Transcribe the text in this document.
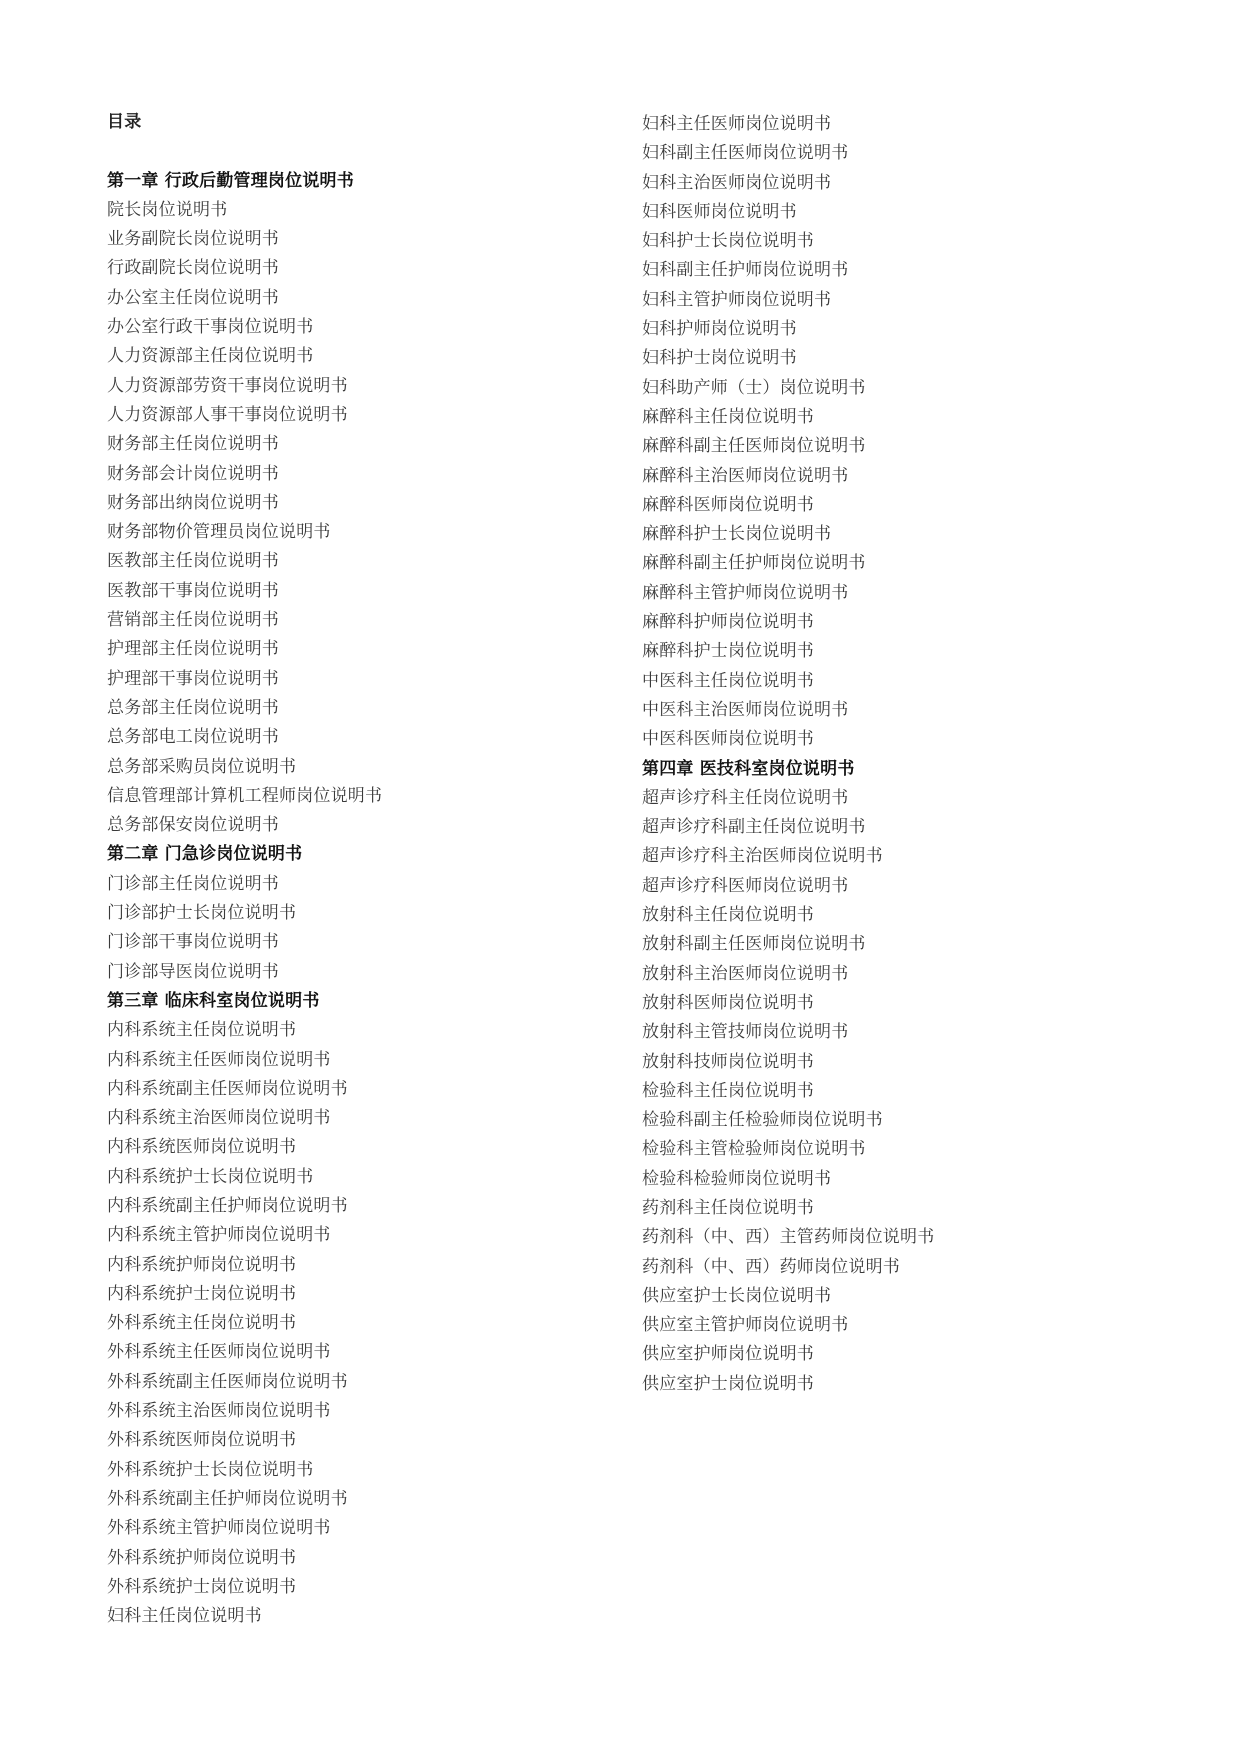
目录
第一章 行政后勤管理岗位说明书
院长岗位说明书
业务副院长岗位说明书
行政副院长岗位说明书
办公室主任岗位说明书
办公室行政干事岗位说明书
人力资源部主任岗位说明书
人力资源部劳资干事岗位说明书
人力资源部人事干事岗位说明书
财务部主任岗位说明书
财务部会计岗位说明书
财务部出纳岗位说明书
财务部物价管理员岗位说明书
医教部主任岗位说明书
医教部干事岗位说明书
营销部主任岗位说明书
护理部主任岗位说明书
护理部干事岗位说明书
总务部主任岗位说明书
总务部电工岗位说明书
总务部采购员岗位说明书
信息管理部计算机工程师岗位说明书
总务部保安岗位说明书
第二章 门急诊岗位说明书
门诊部主任岗位说明书
门诊部护士长岗位说明书
门诊部干事岗位说明书
门诊部导医岗位说明书
第三章 临床科室岗位说明书
内科系统主任岗位说明书
内科系统主任医师岗位说明书
内科系统副主任医师岗位说明书
内科系统主治医师岗位说明书
内科系统医师岗位说明书
内科系统护士长岗位说明书
内科系统副主任护师岗位说明书
内科系统主管护师岗位说明书
内科系统护师岗位说明书
内科系统护士岗位说明书
外科系统主任岗位说明书
外科系统主任医师岗位说明书
外科系统副主任医师岗位说明书
外科系统主治医师岗位说明书
外科系统医师岗位说明书
外科系统护士长岗位说明书
外科系统副主任护师岗位说明书
外科系统主管护师岗位说明书
外科系统护师岗位说明书
外科系统护士岗位说明书
妇科主任岗位说明书
妇科主任医师岗位说明书
妇科副主任医师岗位说明书
妇科主治医师岗位说明书
妇科医师岗位说明书
妇科护士长岗位说明书
妇科副主任护师岗位说明书
妇科主管护师岗位说明书
妇科护师岗位说明书
妇科护士岗位说明书
妇科助产师（士）岗位说明书
麻醉科主任岗位说明书
麻醉科副主任医师岗位说明书
麻醉科主治医师岗位说明书
麻醉科医师岗位说明书
麻醉科护士长岗位说明书
麻醉科副主任护师岗位说明书
麻醉科主管护师岗位说明书
麻醉科护师岗位说明书
麻醉科护士岗位说明书
中医科主任岗位说明书
中医科主治医师岗位说明书
中医科医师岗位说明书
第四章 医技科室岗位说明书
超声诊疗科主任岗位说明书
超声诊疗科副主任岗位说明书
超声诊疗科主治医师岗位说明书
超声诊疗科医师岗位说明书
放射科主任岗位说明书
放射科副主任医师岗位说明书
放射科主治医师岗位说明书
放射科医师岗位说明书
放射科主管技师岗位说明书
放射科技师岗位说明书
检验科主任岗位说明书
检验科副主任检验师岗位说明书
检验科主管检验师岗位说明书
检验科检验师岗位说明书
药剂科主任岗位说明书
药剂科（中、西）主管药师岗位说明书
药剂科（中、西）药师岗位说明书
供应室护士长岗位说明书
供应室主管护师岗位说明书
供应室护师岗位说明书
供应室护士岗位说明书
